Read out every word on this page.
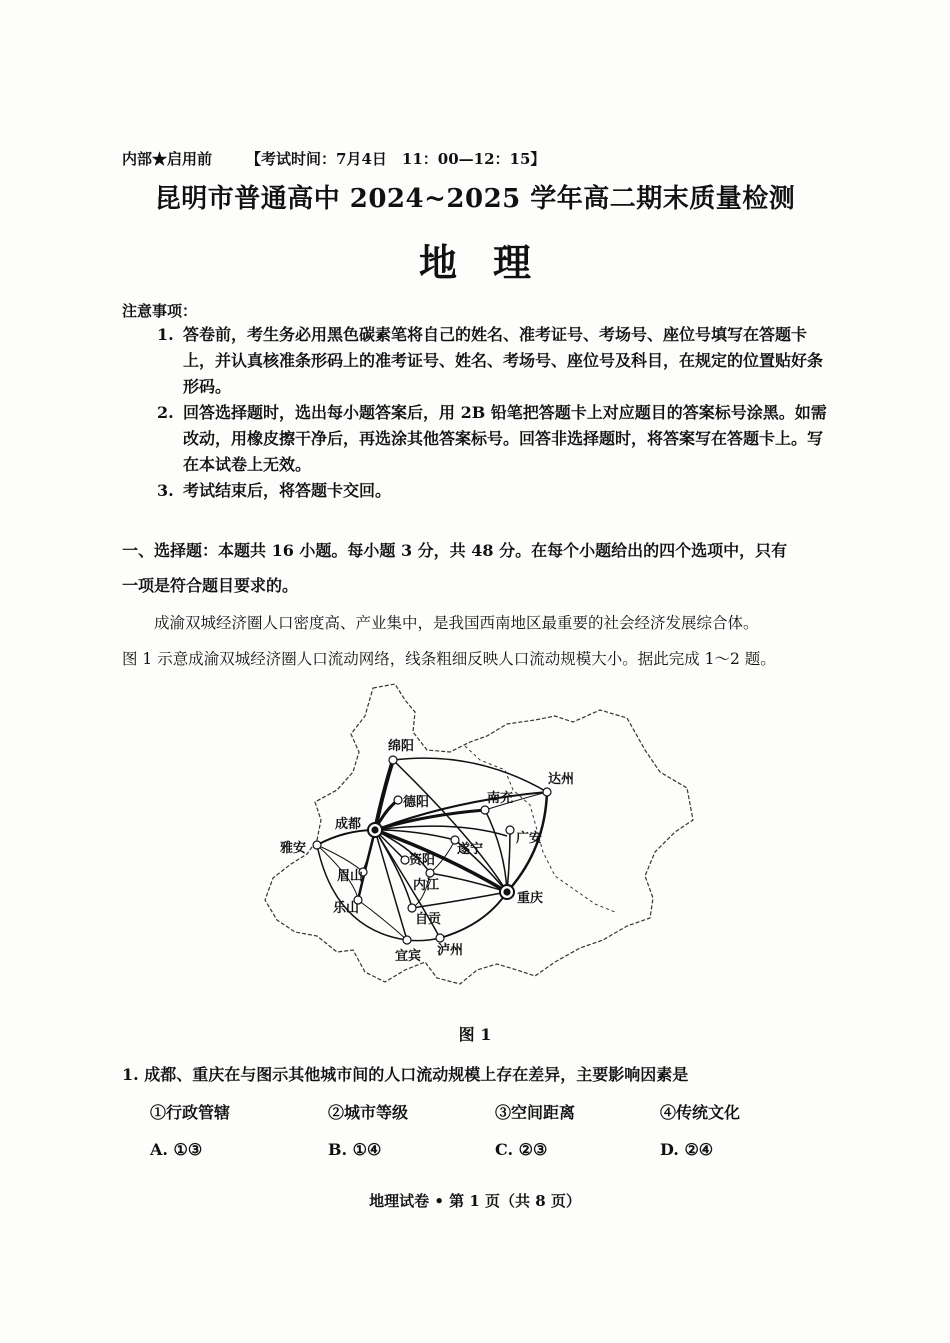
内部★启用前 【考试时间：7月4日　11：00—12：15】
昆明市普通高中 2024~2025 学年高二期末质量检测
地理
注意事项：
1. 答卷前，考生务必用黑色碳素笔将自己的姓名、准考证号、考场号、座位号填写在答题卡上，并认真核准条形码上的准考证号、姓名、考场号、座位号及科目，在规定的位置贴好条形码。
2. 回答选择题时，选出每小题答案后，用 2B 铅笔把答题卡上对应题目的答案标号涂黑。如需改动，用橡皮擦干净后，再选涂其他答案标号。回答非选择题时，将答案写在答题卡上。写在本试卷上无效。
3. 考试结束后，将答题卡交回。
一、选择题：本题共 16 小题。每小题 3 分，共 48 分。在每个小题给出的四个选项中，只有
一项是符合题目要求的。
成渝双城经济圈人口密度高、产业集中，是我国西南地区最重要的社会经济发展综合体。
图 1 示意成渝双城经济圈人口流动网络，线条粗细反映人口流动规模大小。据此完成 1～2 题。
绵阳
德阳
成都
雅安
眉山
乐山
遂宁
资阳
内江
自贡
宜宾 泸州
南充
广安
达州
重庆
图 1
1. 成都、重庆在与图示其他城市间的人口流动规模上存在差异，主要影响因素是
①行政管辖	②城市等级	③空间距离	④传统文化
A. ①③	B. ①④	C. ②③	D. ②④
地理试卷 • 第 1 页（共 8 页）
